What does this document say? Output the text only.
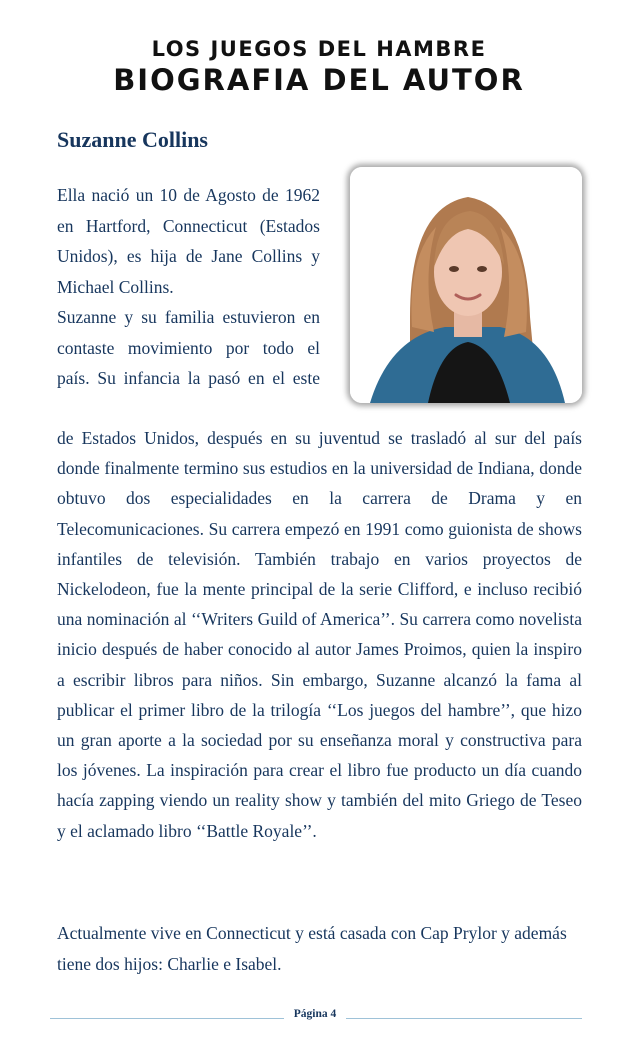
LOS JUEGOS DEL HAMBRE
BIOGRAFIA DEL AUTOR
Suzanne Collins

Ella nació un 10 de Agosto de 1962 en Hartford, Connecticut (Estados Unidos), es hija de Jane Collins y Michael Collins.

Suzanne y su familia estuvieron en contaste movimiento por todo el país. Su infancia la pasó en el este

de Estados Unidos, después en su juventud se trasladó al sur del país donde finalmente termino sus estudios en la universidad de Indiana, donde obtuvo dos especialidades en la carrera de Drama y en Telecomunicaciones. Su carrera empezó en 1991 como guionista de shows infantiles de televisión. También trabajo en varios proyectos de Nickelodeon, fue la mente principal de la serie Clifford, e incluso recibió una nominación al ‘‘Writers Guild of America’’. Su carrera como novelista inicio después de haber conocido al autor James Proimos, quien la inspiro a escribir libros para niños. Sin embargo, Suzanne alcanzó la fama al publicar el primer libro de la trilogía ‘‘Los juegos del hambre’’, que hizo un gran aporte a la sociedad por su enseñanza moral y constructiva para los jóvenes. La inspiración para crear el libro fue producto un día cuando hacía zapping viendo un reality show y también del mito Griego de Teseo y el aclamado libro ‘‘Battle Royale’’.

Actualmente vive en Connecticut y está casada con Cap Prylor y además tiene dos hijos: Charlie e Isabel.

Página 4
